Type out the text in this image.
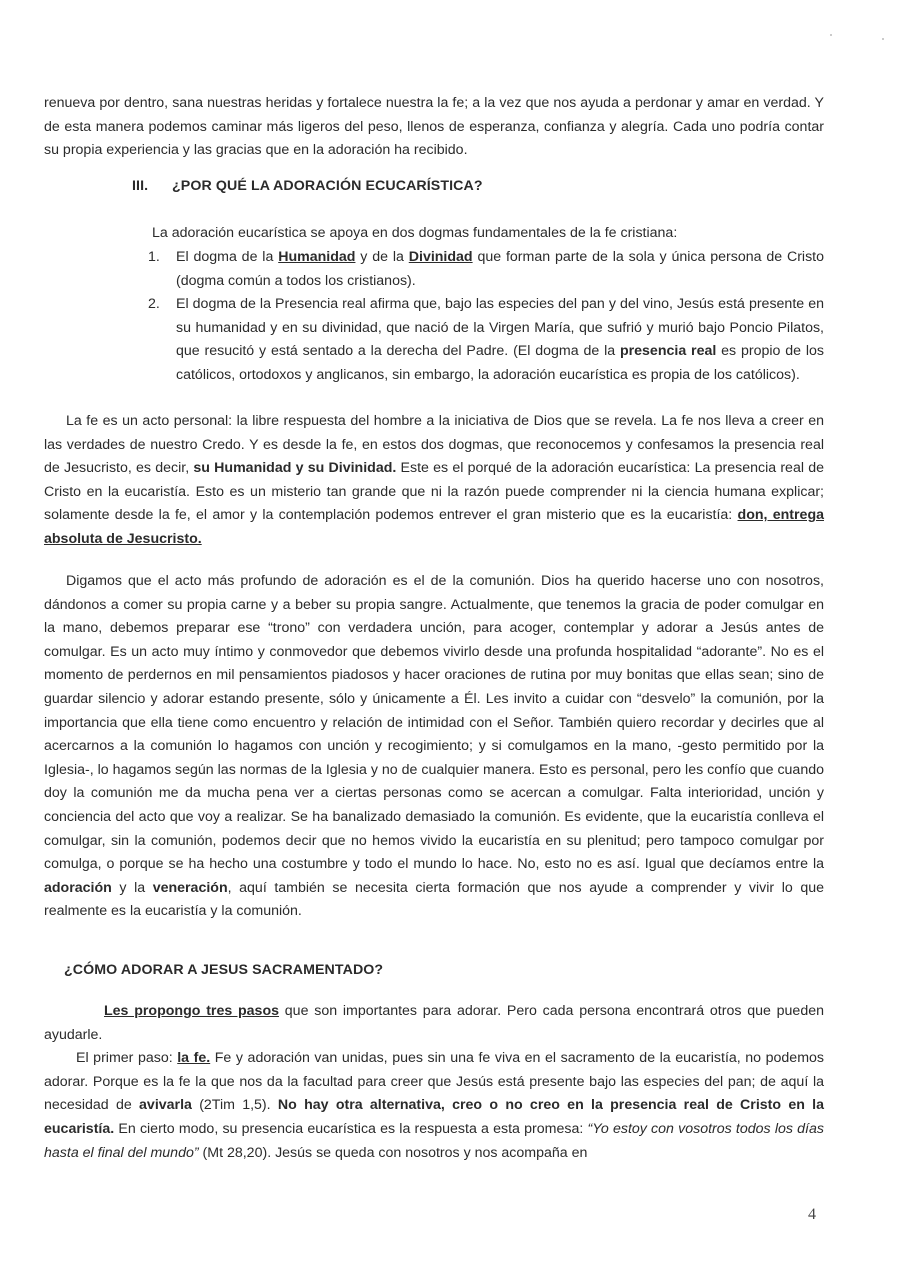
renueva por dentro, sana nuestras heridas y fortalece nuestra la fe; a la vez que nos ayuda a perdonar y amar en verdad. Y de esta manera podemos caminar más ligeros del peso, llenos de esperanza, confianza y alegría. Cada uno podría contar su propia experiencia y las gracias que en la adoración ha recibido.

III. ¿POR QUÉ LA ADORACIÓN ECUCARÍSTICA?

La adoración eucarística se apoya en dos dogmas fundamentales de la fe cristiana:

1. El dogma de la Humanidad y de la Divinidad que forman parte de la sola y única persona de Cristo (dogma común a todos los cristianos).
2. El dogma de la Presencia real afirma que, bajo las especies del pan y del vino, Jesús está presente en su humanidad y en su divinidad, que nació de la Virgen María, que sufrió y murió bajo Poncio Pilatos, que resucitó y está sentado a la derecha del Padre. (El dogma de la presencia real es propio de los católicos, ortodoxos y anglicanos, sin embargo, la adoración eucarística es propia de los católicos).

La fe es un acto personal: la libre respuesta del hombre a la iniciativa de Dios que se revela. La fe nos lleva a creer en las verdades de nuestro Credo. Y es desde la fe, en estos dos dogmas, que reconocemos y confesamos la presencia real de Jesucristo, es decir, su Humanidad y su Divinidad. Este es el porqué de la adoración eucarística: La presencia real de Cristo en la eucaristía. Esto es un misterio tan grande que ni la razón puede comprender ni la ciencia humana explicar; solamente desde la fe, el amor y la contemplación podemos entrever el gran misterio que es la eucaristía: don, entrega absoluta de Jesucristo.

Digamos que el acto más profundo de adoración es el de la comunión. Dios ha querido hacerse uno con nosotros, dándonos a comer su propia carne y a beber su propia sangre. Actualmente, que tenemos la gracia de poder comulgar en la mano, debemos preparar ese “trono” con verdadera unción, para acoger, contemplar y adorar a Jesús antes de comulgar. Es un acto muy íntimo y conmovedor que debemos vivirlo desde una profunda hospitalidad “adorante”. No es el momento de perdernos en mil pensamientos piadosos y hacer oraciones de rutina por muy bonitas que ellas sean; sino de guardar silencio y adorar estando presente, sólo y únicamente a Él. Les invito a cuidar con “desvelo” la comunión, por la importancia que ella tiene como encuentro y relación de intimidad con el Señor. También quiero recordar y decirles que al acercarnos a la comunión lo hagamos con unción y recogimiento; y si comulgamos en la mano, -gesto permitido por la Iglesia-, lo hagamos según las normas de la Iglesia y no de cualquier manera. Esto es personal, pero les confío que cuando doy la comunión me da mucha pena ver a ciertas personas como se acercan a comulgar. Falta interioridad, unción y conciencia del acto que voy a realizar. Se ha banalizado demasiado la comunión. Es evidente, que la eucaristía conlleva el comulgar, sin la comunión, podemos decir que no hemos vivido la eucaristía en su plenitud; pero tampoco comulgar por comulga, o porque se ha hecho una costumbre y todo el mundo lo hace. No, esto no es así. Igual que decíamos entre la adoración y la veneración, aquí también se necesita cierta formación que nos ayude a comprender y vivir lo que realmente es la eucaristía y la comunión.

¿CÓMO ADORAR A JESUS SACRAMENTADO?

Les propongo tres pasos que son importantes para adorar. Pero cada persona encontrará otros que pueden ayudarle.

El primer paso: la fe. Fe y adoración van unidas, pues sin una fe viva en el sacramento de la eucaristía, no podemos adorar. Porque es la fe la que nos da la facultad para creer que Jesús está presente bajo las especies del pan; de aquí la necesidad de avivarla (2Tim 1,5). No hay otra alternativa, creo o no creo en la presencia real de Cristo en la eucaristía. En cierto modo, su presencia eucarística es la respuesta a esta promesa: “Yo estoy con vosotros todos los días hasta el final del mundo” (Mt 28,20). Jesús se queda con nosotros y nos acompaña en

4
